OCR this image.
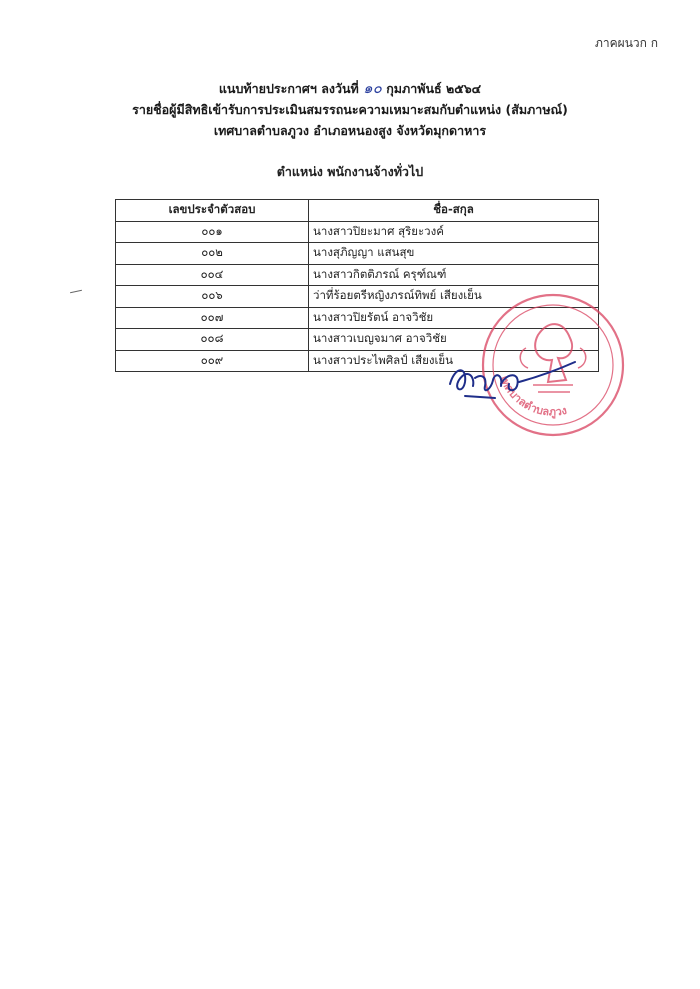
ภาคผนวก ก
แนบท้ายประกาศฯ ลงวันที่ ๑๐ กุมภาพันธ์ ๒๕๖๔
รายชื่อผู้มีสิทธิเข้ารับการประเมินสมรรถนะความเหมาะสมกับตำแหน่ง (สัมภาษณ์)
เทศบาลตำบลภูวง อำเภอหนองสูง จังหวัดมุกดาหาร
ตำแหน่ง พนักงานจ้างทั่วไป
เลขประจำตัวสอบ	ชื่อ-สกุล
๐๐๑	นางสาวปิยะมาศ สุริยะวงค์
๐๐๒	นางสุภิญญา แสนสุข
๐๐๔	นางสาวกิตติภรณ์ ครุฑ์ณฑ์
๐๐๖	ว่าที่ร้อยตรีหญิงภรณ์ทิพย์ เสียงเย็น
๐๐๗	นางสาวปิยรัตน์ อาจวิชัย
๐๐๘	นางสาวเบญจมาศ อาจวิชัย
๐๐๙	นางสาวประไพศิลป์ เสียงเย็น
เทศบาลตำบลภูวง
